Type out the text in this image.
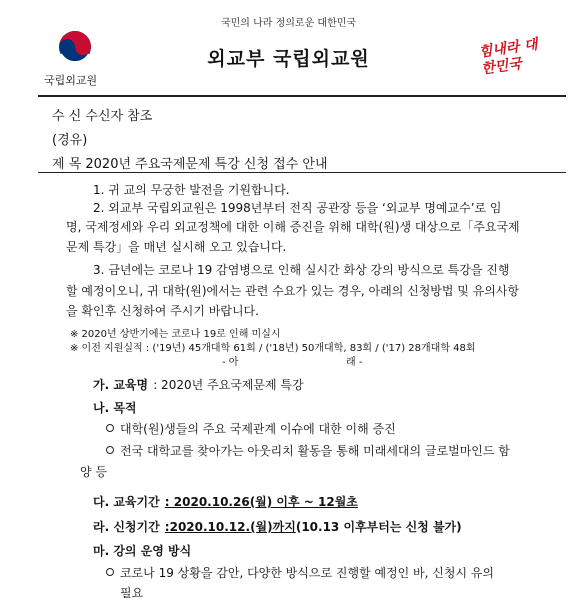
국민의 나라 정의로운 대한민국
국립외교원
외교부 국립외교원	힘내라 대한민국
수 신 수신자 참조
(경유)
제 목 2020년 주요국제문제 특강 신청 접수 안내
1. 귀 교의 무궁한 발전을 기원합니다.
2. 외교부 국립외교원은 1998년부터 전직 공관장 등을 ‘외교부 명예교수’로 임
명, 국제정세와 우리 외교정책에 대한 이해 증진을 위해 대학(원)생 대상으로「주요국제
문제 특강」을 매년 실시해 오고 있습니다.
3. 금년에는 코로나 19 감염병으로 인해 실시간 화상 강의 방식으로 특강을 진행
할 예정이오니, 귀 대학(원)에서는 관련 수요가 있는 경우, 아래의 신청방법 및 유의사항
을 확인후 신청하여 주시기 바랍니다.
※ 2020년 상반기에는 코로나 19로 인해 미실시
※ 이전 지원실적 : ('19년) 45개대학 61회 / ('18년) 50개대학, 83회 / ('17) 28개대학 48회
- 아	래 -
가. 교육명 : 2020년 주요국제문제 특강
나. 목적
대학(원)생들의 주요 국제관계 이슈에 대한 이해 증진
전국 대학교를 찾아가는 아웃리치 활동을 통해 미래세대의 글로벌마인드 함
양 등
다. 교육기간 : 2020.10.26(월) 이후 ~ 12월초
라. 신청기간 :2020.10.12.(월)까지(10.13 이후부터는 신청 불가)
마. 강의 운영 방식
코로나 19 상황을 감안, 다양한 방식으로 진행할 예정인 바, 신청시 유의
필요
